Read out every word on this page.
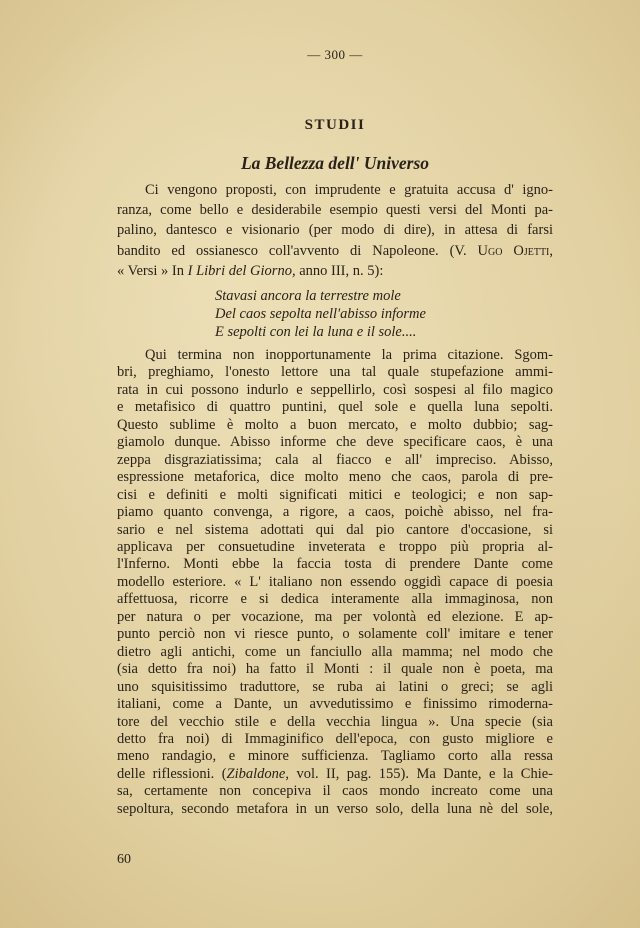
— 300 —
STUDII
La Bellezza dell' Universo
Ci vengono proposti, con imprudente e gratuita accusa d' igno-
ranza, come bello e desiderabile esempio questi versi del Monti pa-
palino, dantesco e visionario (per modo di dire), in attesa di farsi
bandito ed ossianesco coll'avvento di Napoleone. (V. Ugo Ojetti,
« Versi » In I Libri del Giorno, anno III, n. 5):
Stavasi ancora la terrestre mole
Del caos sepolta nell'abisso informe
E sepolti con lei la luna e il sole....
Qui termina non inopportunamente la prima citazione. Sgom-
bri, preghiamo, l'onesto lettore una tal quale stupefazione ammi-
rata in cui possono indurlo e seppellirlo, così sospesi al filo magico
e metafisico di quattro puntini, quel sole e quella luna sepolti.
Questo sublime è molto a buon mercato, e molto dubbio; sag-
giamolo dunque. Abisso informe che deve specificare caos, è una
zeppa disgraziatissima; cala al fiacco e all' impreciso. Abisso,
espressione metaforica, dice molto meno che caos, parola di pre-
cisi e definiti e molti significati mitici e teologici; e non sap-
piamo quanto convenga, a rigore, a caos, poichè abisso, nel fra-
sario e nel sistema adottati qui dal pio cantore d'occasione, si
applicava per consuetudine inveterata e troppo più propria al-
l'Inferno. Monti ebbe la faccia tosta di prendere Dante come
modello esteriore. « L' italiano non essendo oggidì capace di poesia
affettuosa, ricorre e si dedica interamente alla immaginosa, non
per natura o per vocazione, ma per volontà ed elezione. E ap-
punto perciò non vi riesce punto, o solamente coll' imitare e tener
dietro agli antichi, come un fanciullo alla mamma; nel modo che
(sia detto fra noi) ha fatto il Monti : il quale non è poeta, ma
uno squisitissimo traduttore, se ruba ai latini o greci; se agli
italiani, come a Dante, un avvedutissimo e finissimo rimoderna-
tore del vecchio stile e della vecchia lingua ». Una specie (sia
detto fra noi) di Immaginifico dell'epoca, con gusto migliore e
meno randagio, e minore sufficienza. Tagliamo corto alla ressa
delle riflessioni. (Zibaldone, vol. II, pag. 155). Ma Dante, e la Chie-
sa, certamente non concepiva il caos mondo increato come una
sepoltura, secondo metafora in un verso solo, della luna nè del sole,
60
